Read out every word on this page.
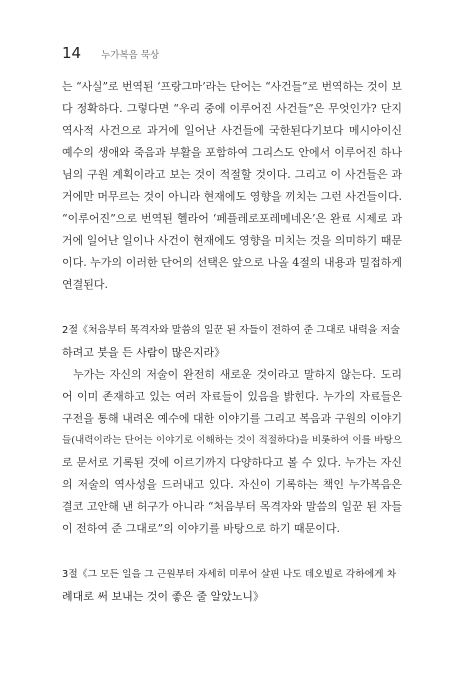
14 누가복음 묵상
는 “사실”로 번역된 ‘프랑그마’라는 단어는 “사건들”로 번역하는 것이 보
다 정확하다. 그렇다면 “우리 중에 이루어진 사건들”은 무엇인가? 단지
역사적 사건으로 과거에 일어난 사건들에 국한된다기보다 메시아이신
예수의 생애와 죽음과 부활을 포함하여 그리스도 안에서 이루어진 하나
님의 구원 계획이라고 보는 것이 적절할 것이다. 그리고 이 사건들은 과
거에만 머무르는 것이 아니라 현재에도 영향을 끼치는 그런 사건들이다.
“이루어진”으로 번역된 헬라어 ‘페플레로포레메네온’은 완료 시제로 과
거에 일어난 일이나 사건이 현재에도 영향을 미치는 것을 의미하기 때문
이다. 누가의 이러한 단어의 선택은 앞으로 나올 4절의 내용과 밀접하게
연결된다.
2절《처음부터 목격자와 말씀의 일꾼 된 자들이 전하여 준 그대로 내력을 저술
하려고 붓을 든 사람이 많은지라》
누가는 자신의 저술이 완전히 새로운 것이라고 말하지 않는다. 도리
어 이미 존재하고 있는 여러 자료들이 있음을 밝힌다. 누가의 자료들은
구전을 통해 내려온 예수에 대한 이야기를 그리고 복음과 구원의 이야기
들(내력이라는 단어는 이야기로 이해하는 것이 적절하다)을 비롯하여 이를 바탕으
로 문서로 기록된 것에 이르기까지 다양하다고 볼 수 있다. 누가는 자신
의 저술의 역사성을 드러내고 있다. 자신이 기록하는 책인 누가복음은
결코 고안해 낸 허구가 아니라 “처음부터 목격자와 말씀의 일꾼 된 자들
이 전하여 준 그대로”의 이야기를 바탕으로 하기 때문이다.
3절《그 모든 일을 그 근원부터 자세히 미루어 살핀 나도 데오빌로 각하에게 차
례대로 써 보내는 것이 좋은 줄 알았노니》
